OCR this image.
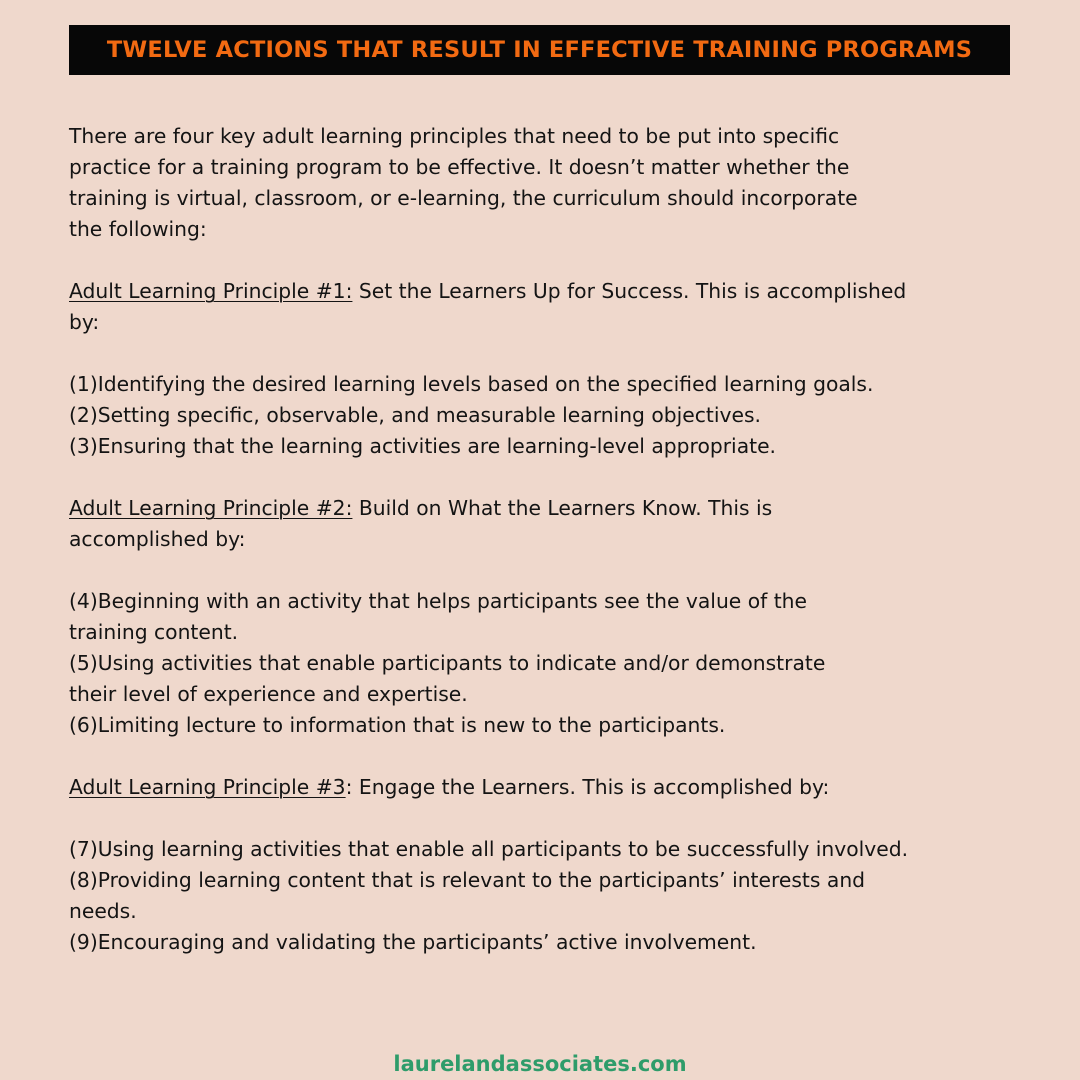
TWELVE ACTIONS THAT RESULT IN EFFECTIVE TRAINING PROGRAMS
There are four key adult learning principles that need to be put into specific
practice for a training program to be effective. It doesn’t matter whether the
training is virtual, classroom, or e-learning, the curriculum should incorporate
the following:
Adult Learning Principle #1: Set the Learners Up for Success. This is accomplished
by:
(1)Identifying the desired learning levels based on the specified learning goals.
(2)Setting specific, observable, and measurable learning objectives.
(3)Ensuring that the learning activities are learning-level appropriate.
Adult Learning Principle #2: Build on What the Learners Know. This is
accomplished by:
(4)Beginning with an activity that helps participants see the value of the
training content.
(5)Using activities that enable participants to indicate and/or demonstrate
their level of experience and expertise.
(6)Limiting lecture to information that is new to the participants.
Adult Learning Principle #3: Engage the Learners. This is accomplished by:
(7)Using learning activities that enable all participants to be successfully involved.
(8)Providing learning content that is relevant to the participants’ interests and
needs.
(9)Encouraging and validating the participants’ active involvement.
laurelandassociates.com
